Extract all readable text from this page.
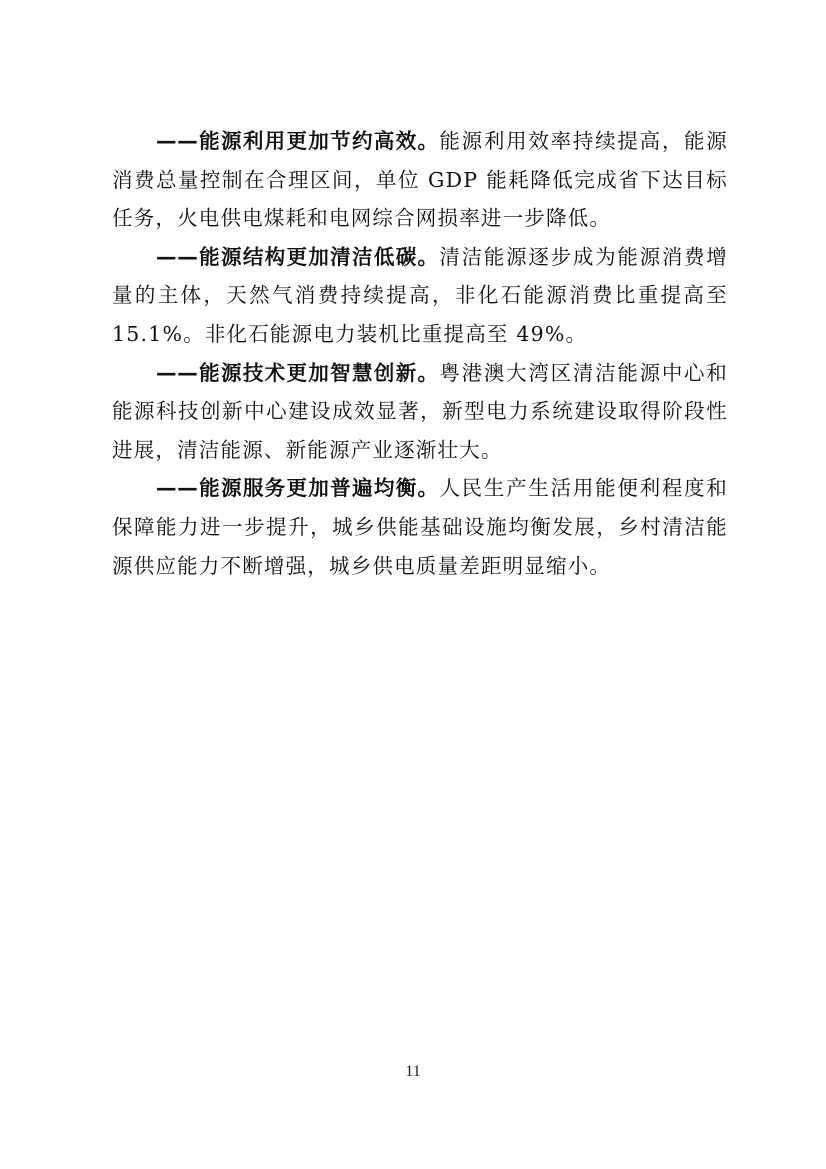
——能源利用更加节约高效。能源利用效率持续提高，能源消费总量控制在合理区间，单位 GDP 能耗降低完成省下达目标任务，火电供电煤耗和电网综合网损率进一步降低。

——能源结构更加清洁低碳。清洁能源逐步成为能源消费增量的主体，天然气消费持续提高，非化石能源消费比重提高至15.1%。非化石能源电力装机比重提高至 49%。

——能源技术更加智慧创新。粤港澳大湾区清洁能源中心和能源科技创新中心建设成效显著，新型电力系统建设取得阶段性进展，清洁能源、新能源产业逐渐壮大。

——能源服务更加普遍均衡。人民生产生活用能便利程度和保障能力进一步提升，城乡供能基础设施均衡发展，乡村清洁能源供应能力不断增强，城乡供电质量差距明显缩小。

11
